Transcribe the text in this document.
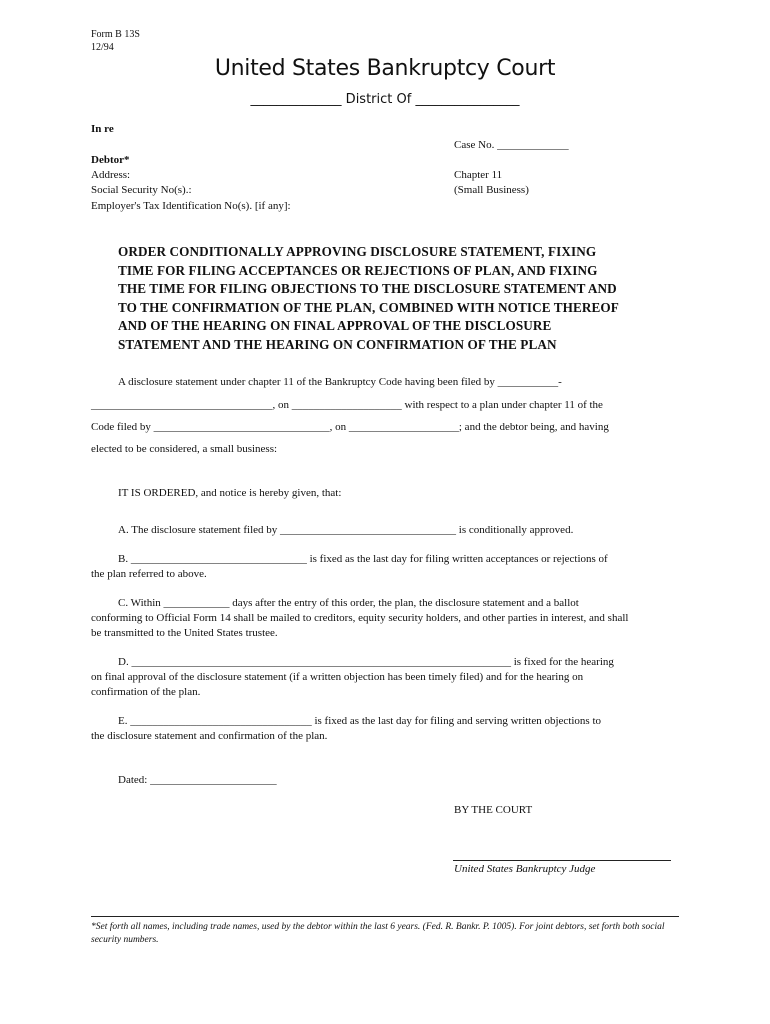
Form B 13S
12/94
United States Bankruptcy Court
______________ District Of ________________
In re
Case No. _____________
Debtor*
Address:	Chapter 11
Social Security No(s).:	(Small Business)
Employer's Tax Identification No(s). [if any]:
ORDER CONDITIONALLY APPROVING DISCLOSURE STATEMENT, FIXING
TIME FOR FILING ACCEPTANCES OR REJECTIONS OF PLAN, AND FIXING
THE TIME FOR FILING OBJECTIONS TO THE DISCLOSURE STATEMENT AND
TO THE CONFIRMATION OF THE PLAN, COMBINED WITH NOTICE THEREOF
AND OF THE HEARING ON FINAL APPROVAL OF THE DISCLOSURE
STATEMENT AND THE HEARING ON CONFIRMATION OF THE PLAN
A disclosure statement under chapter 11 of the Bankruptcy Code having been filed by ___________-
_________________________________, on ____________________ with respect to a plan under chapter 11 of the
Code filed by ________________________________, on ____________________; and the debtor being, and having
elected to be considered, a small business:
IT IS ORDERED, and notice is hereby given, that:
A. The disclosure statement filed by ________________________________ is conditionally approved.
B. ________________________________ is fixed as the last day for filing written acceptances or rejections of
the plan referred to above.
C. Within ____________ days after the entry of this order, the plan, the disclosure statement and a ballot
conforming to Official Form 14 shall be mailed to creditors, equity security holders, and other parties in interest, and shall
be transmitted to the United States trustee.
D. _____________________________________________________________________ is fixed for the hearing
on final approval of the disclosure statement (if a written objection has been timely filed) and for the hearing on
confirmation of the plan.
E. _________________________________ is fixed as the last day for filing and serving written objections to
the disclosure statement and confirmation of the plan.
Dated: _______________________
BY THE COURT
United States Bankruptcy Judge
*Set forth all names, including trade names, used by the debtor within the last 6 years. (Fed. R. Bankr. P. 1005). For joint debtors, set forth both social security numbers.
